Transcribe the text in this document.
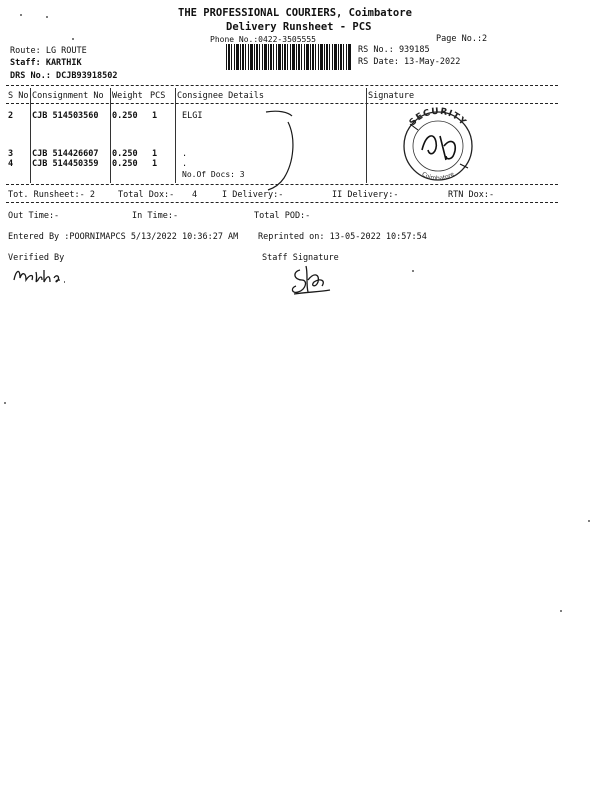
THE PROFESSIONAL COURIERS, Coimbatore
Delivery Runsheet - PCS
Phone No.:0422-3505555	Page No.:2
Route: LG ROUTE
Staff: KARTHIK
DRS No.: DCJB93918502
RS No.: 939185
RS Date: 13-May-2022
S No Consignment No Weight PCS Consignee Details	Signature
2 CJB 514503560 0.250 1	ELGI
3 CJB 514426607 0.250 1	.
4 CJB 514450359 0.250 1	.
No.Of Docs: 3
SECURITY
Coimbatore
Tot. Runsheet:- 2	Total Dox:- 4	I Delivery:-	II Delivery:-	RTN Dox:-
Out Time:-	In Time:-	Total POD:-
Entered By :POORNIMAPCS 5/13/2022 10:36:27 AM Reprinted on: 13-05-2022 10:57:54
Verified By	Staff Signature
